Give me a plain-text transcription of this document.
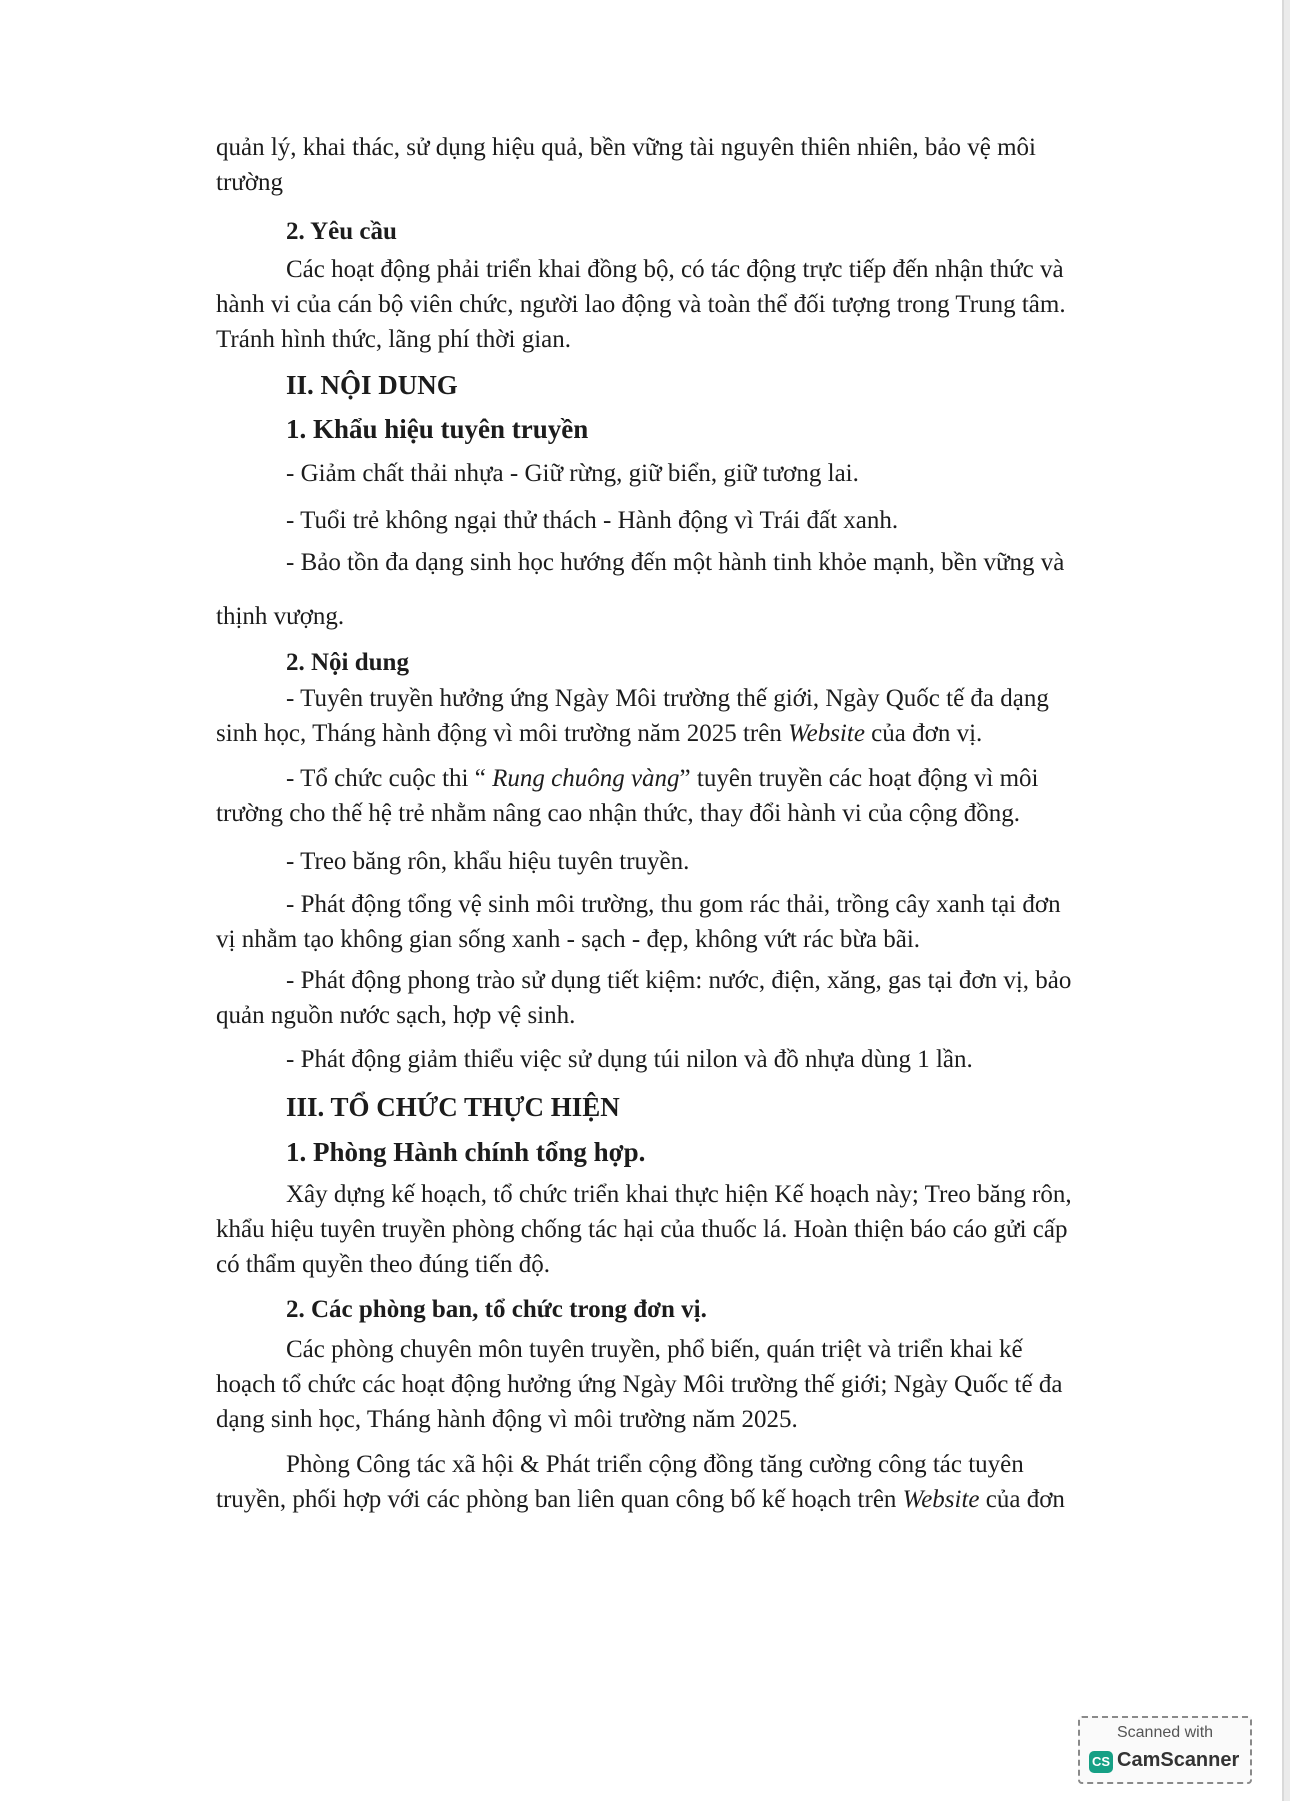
quản lý, khai thác, sử dụng hiệu quả, bền vững tài nguyên thiên nhiên, bảo vệ môi
trường
2. Yêu cầu
Các hoạt động phải triển khai đồng bộ, có tác động trực tiếp đến nhận thức và
hành vi của cán bộ viên chức, người lao động và toàn thể đối tượng trong Trung tâm.
Tránh hình thức, lãng phí thời gian.
II. NỘI DUNG
1. Khẩu hiệu tuyên truyền
- Giảm chất thải nhựa - Giữ rừng, giữ biển, giữ tương lai.
- Tuổi trẻ không ngại thử thách - Hành động vì Trái đất xanh.
- Bảo tồn đa dạng sinh học hướng đến một hành tinh khỏe mạnh, bền vững và
thịnh vượng.
2. Nội dung
- Tuyên truyền hưởng ứng Ngày Môi trường thế giới, Ngày Quốc tế đa dạng
sinh học, Tháng hành động vì môi trường năm 2025 trên Website của đơn vị.
- Tổ chức cuộc thi “ Rung chuông vàng” tuyên truyền các hoạt động vì môi
trường cho thế hệ trẻ nhằm nâng cao nhận thức, thay đổi hành vi của cộng đồng.
- Treo băng rôn, khẩu hiệu tuyên truyền.
- Phát động tổng vệ sinh môi trường, thu gom rác thải, trồng cây xanh tại đơn
vị nhằm tạo không gian sống xanh - sạch - đẹp, không vứt rác bừa bãi.
- Phát động phong trào sử dụng tiết kiệm: nước, điện, xăng, gas tại đơn vị, bảo
quản nguồn nước sạch, hợp vệ sinh.
- Phát động giảm thiểu việc sử dụng túi nilon và đồ nhựa dùng 1 lần.
III. TỔ CHỨC THỰC HIỆN
1. Phòng Hành chính tổng hợp.
Xây dựng kế hoạch, tổ chức triển khai thực hiện Kế hoạch này; Treo băng rôn,
khẩu hiệu tuyên truyền phòng chống tác hại của thuốc lá. Hoàn thiện báo cáo gửi cấp
có thẩm quyền theo đúng tiến độ.
2. Các phòng ban, tổ chức trong đơn vị.
Các phòng chuyên môn tuyên truyền, phổ biến, quán triệt và triển khai kế
hoạch tổ chức các hoạt động hưởng ứng Ngày Môi trường thế giới; Ngày Quốc tế đa
dạng sinh học, Tháng hành động vì môi trường năm 2025.
Phòng Công tác xã hội & Phát triển cộng đồng tăng cường công tác tuyên
truyền, phối hợp với các phòng ban liên quan công bố kế hoạch trên Website của đơn
Scanned with
CS CamScanner
